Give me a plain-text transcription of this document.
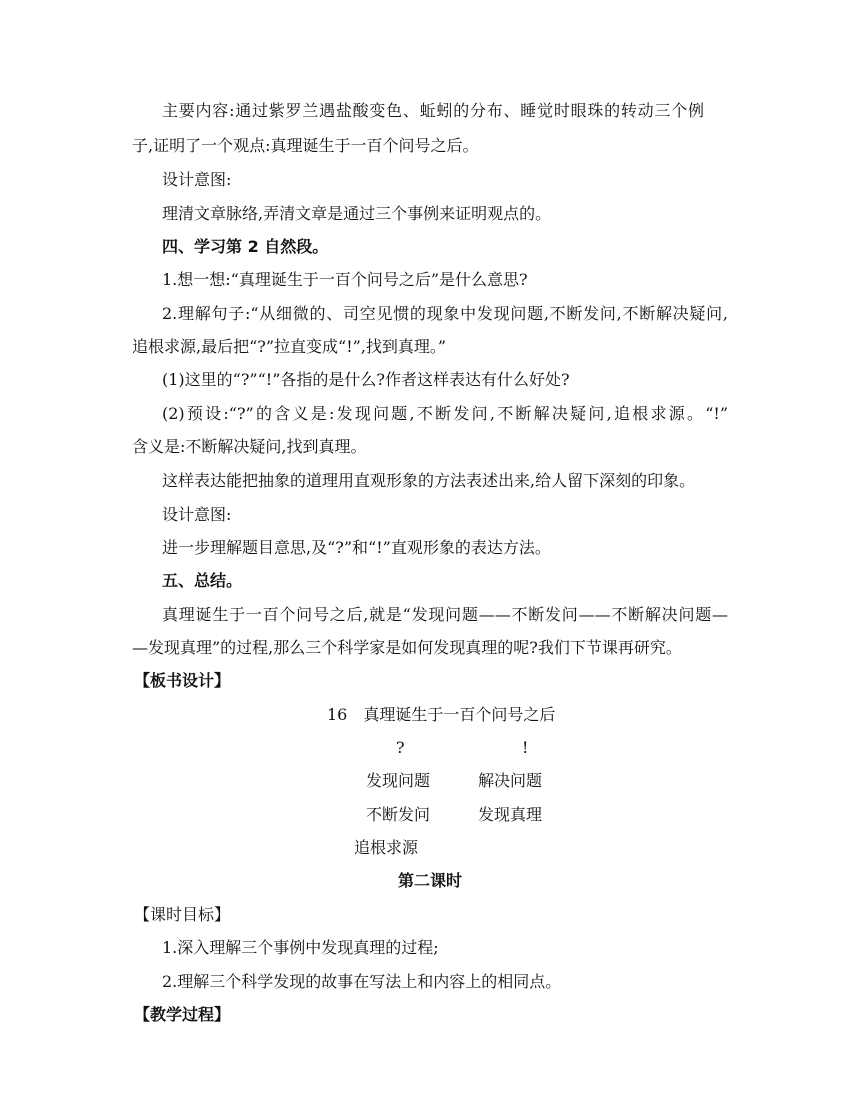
主要内容:通过紫罗兰遇盐酸变色、蚯蚓的分布、睡觉时眼珠的转动三个例
子,证明了一个观点:真理诞生于一百个问号之后。
设计意图:
理清文章脉络,弄清文章是通过三个事例来证明观点的。
四、学习第 2 自然段。
1.想一想:“真理诞生于一百个问号之后”是什么意思?
2.理解句子:“从细微的、司空见惯的现象中发现问题,不断发问,不断解决疑问,
追根求源,最后把“?”拉直变成“!”,找到真理。”
(1)这里的“?”“!”各指的是什么?作者这样表达有什么好处?
(2)预设:“?”的含义是:发现问题,不断发问,不断解决疑问,追根求源。“!”
含义是:不断解决疑问,找到真理。
这样表达能把抽象的道理用直观形象的方法表述出来,给人留下深刻的印象。
设计意图:
进一步理解题目意思,及“?”和“!”直观形象的表达方法。
五、总结。
真理诞生于一百个问号之后,就是“发现问题——不断发问——不断解决问题—
—发现真理”的过程,那么三个科学家是如何发现真理的呢?我们下节课再研究。
【板书设计】
16　真理诞生于一百个问号之后
?	!
发现问题	解决问题
不断发问	发现真理
追根求源
第二课时
【课时目标】
1.深入理解三个事例中发现真理的过程;
2.理解三个科学发现的故事在写法上和内容上的相同点。
【教学过程】
